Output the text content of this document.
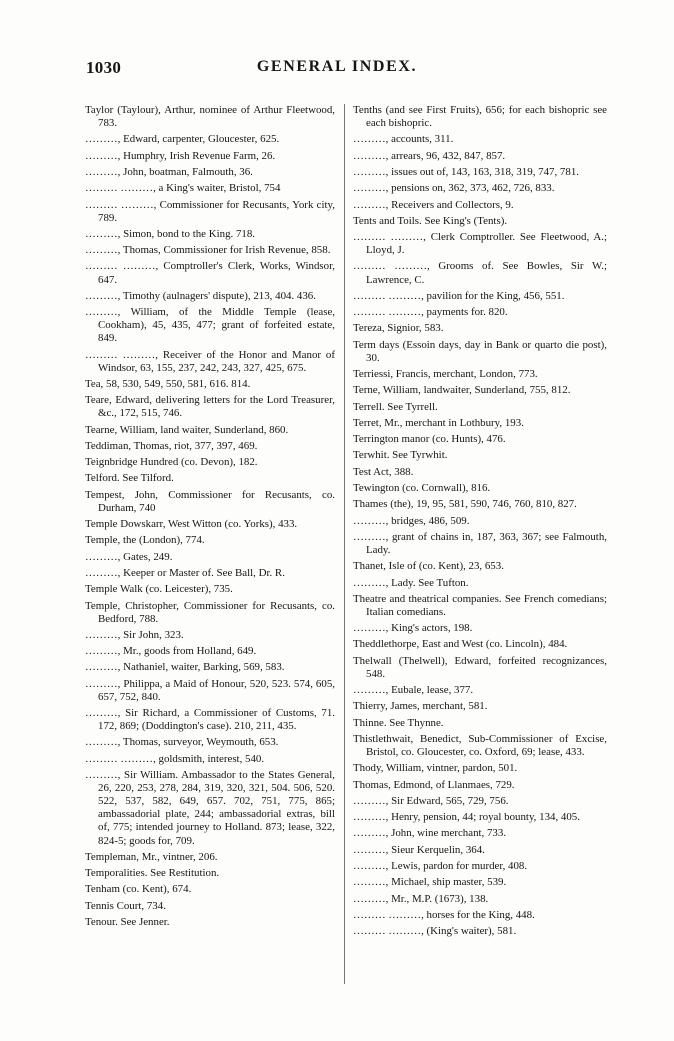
1030	GENERAL INDEX.
Taylor (Taylour), Arthur, nominee of Arthur Fleetwood, 783.
………, Edward, carpenter, Gloucester, 625.
………, Humphry, Irish Revenue Farm, 26.
………, John, boatman, Falmouth, 36.
……… ………, a King's waiter, Bristol, 754
……… ………, Commissioner for Recusants, York city, 789.
………, Simon, bond to the King. 718.
………, Thomas, Commissioner for Irish Revenue, 858.
……… ………, Comptroller's Clerk, Works, Windsor, 647.
………, Timothy (aulnagers' dispute), 213, 404. 436.
………, William, of the Middle Temple (lease, Cookham), 45, 435, 477; grant of forfeited estate, 849.
……… ………, Receiver of the Honor and Manor of Windsor, 63, 155, 237, 242, 243, 327, 425, 675.
Tea, 58, 530, 549, 550, 581, 616. 814.
Teare, Edward, delivering letters for the Lord Treasurer, &c., 172, 515, 746.
Tearne, William, land waiter, Sunderland, 860.
Teddiman, Thomas, riot, 377, 397, 469.
Teignbridge Hundred (co. Devon), 182.
Telford. See Tilford.
Tempest, John, Commissioner for Recusants, co. Durham, 740
Temple Dowskarr, West Witton (co. Yorks), 433.
Temple, the (London), 774.
………, Gates, 249.
………, Keeper or Master of. See Ball, Dr. R.
Temple Walk (co. Leicester), 735.
Temple, Christopher, Commissioner for Recusants, co. Bedford, 788.
………, Sir John, 323.
………, Mr., goods from Holland, 649.
………, Nathaniel, waiter, Barking, 569, 583.
………, Philippa, a Maid of Honour, 520, 523. 574, 605, 657, 752, 840.
………, Sir Richard, a Commissioner of Customs, 71. 172, 869; (Doddington's case). 210, 211, 435.
………, Thomas, surveyor, Weymouth, 653.
……… ………, goldsmith, interest, 540.
………, Sir William. Ambassador to the States General, 26, 220, 253, 278, 284, 319, 320, 321, 504. 506, 520. 522, 537, 582, 649, 657. 702, 751, 775, 865; ambassadorial plate, 244; ambassadorial extras, bill of, 775; intended journey to Holland. 873; lease, 322, 824-5; goods for, 709.
Templeman, Mr., vintner, 206.
Temporalities. See Restitution.
Tenham (co. Kent), 674.
Tennis Court, 734.
Tenour. See Jenner.
Tenths (and see First Fruits), 656; for each bishopric see each bishopric.
………, accounts, 311.
………, arrears, 96, 432, 847, 857.
………, issues out of, 143, 163, 318, 319, 747, 781.
………, pensions on, 362, 373, 462, 726, 833.
………, Receivers and Collectors, 9.
Tents and Toils. See King's (Tents).
……… ………, Clerk Comptroller. See Fleetwood, A.; Lloyd, J.
……… ………, Grooms of. See Bowles, Sir W.; Lawrence, C.
……… ………, pavilion for the King, 456, 551.
……… ………, payments for. 820.
Tereza, Signior, 583.
Term days (Essoin days, day in Bank or quarto die post), 30.
Terriessi, Francis, merchant, London, 773.
Terne, William, landwaiter, Sunderland, 755, 812.
Terrell. See Tyrrell.
Terret, Mr., merchant in Lothbury, 193.
Terrington manor (co. Hunts), 476.
Terwhit. See Tyrwhit.
Test Act, 388.
Tewington (co. Cornwall), 816.
Thames (the), 19, 95, 581, 590, 746, 760, 810, 827.
………, bridges, 486, 509.
………, grant of chains in, 187, 363, 367; see Falmouth, Lady.
Thanet, Isle of (co. Kent), 23, 653.
………, Lady. See Tufton.
Theatre and theatrical companies. See French comedians; Italian comedians.
………, King's actors, 198.
Theddlethorpe, East and West (co. Lincoln), 484.
Thelwall (Thelwell), Edward, forfeited recognizances, 548.
………, Eubale, lease, 377.
Thierry, James, merchant, 581.
Thinne. See Thynne.
Thistlethwait, Benedict, Sub-Commissioner of Excise, Bristol, co. Gloucester, co. Oxford, 69; lease, 433.
Thody, William, vintner, pardon, 501.
Thomas, Edmond, of Llanmaes, 729.
………, Sir Edward, 565, 729, 756.
………, Henry, pension, 44; royal bounty, 134, 405.
………, John, wine merchant, 733.
………, Sieur Kerquelin, 364.
………, Lewis, pardon for murder, 408.
………, Michael, ship master, 539.
………, Mr., M.P. (1673), 138.
……… ………, horses for the King, 448.
……… ………, (King's waiter), 581.
